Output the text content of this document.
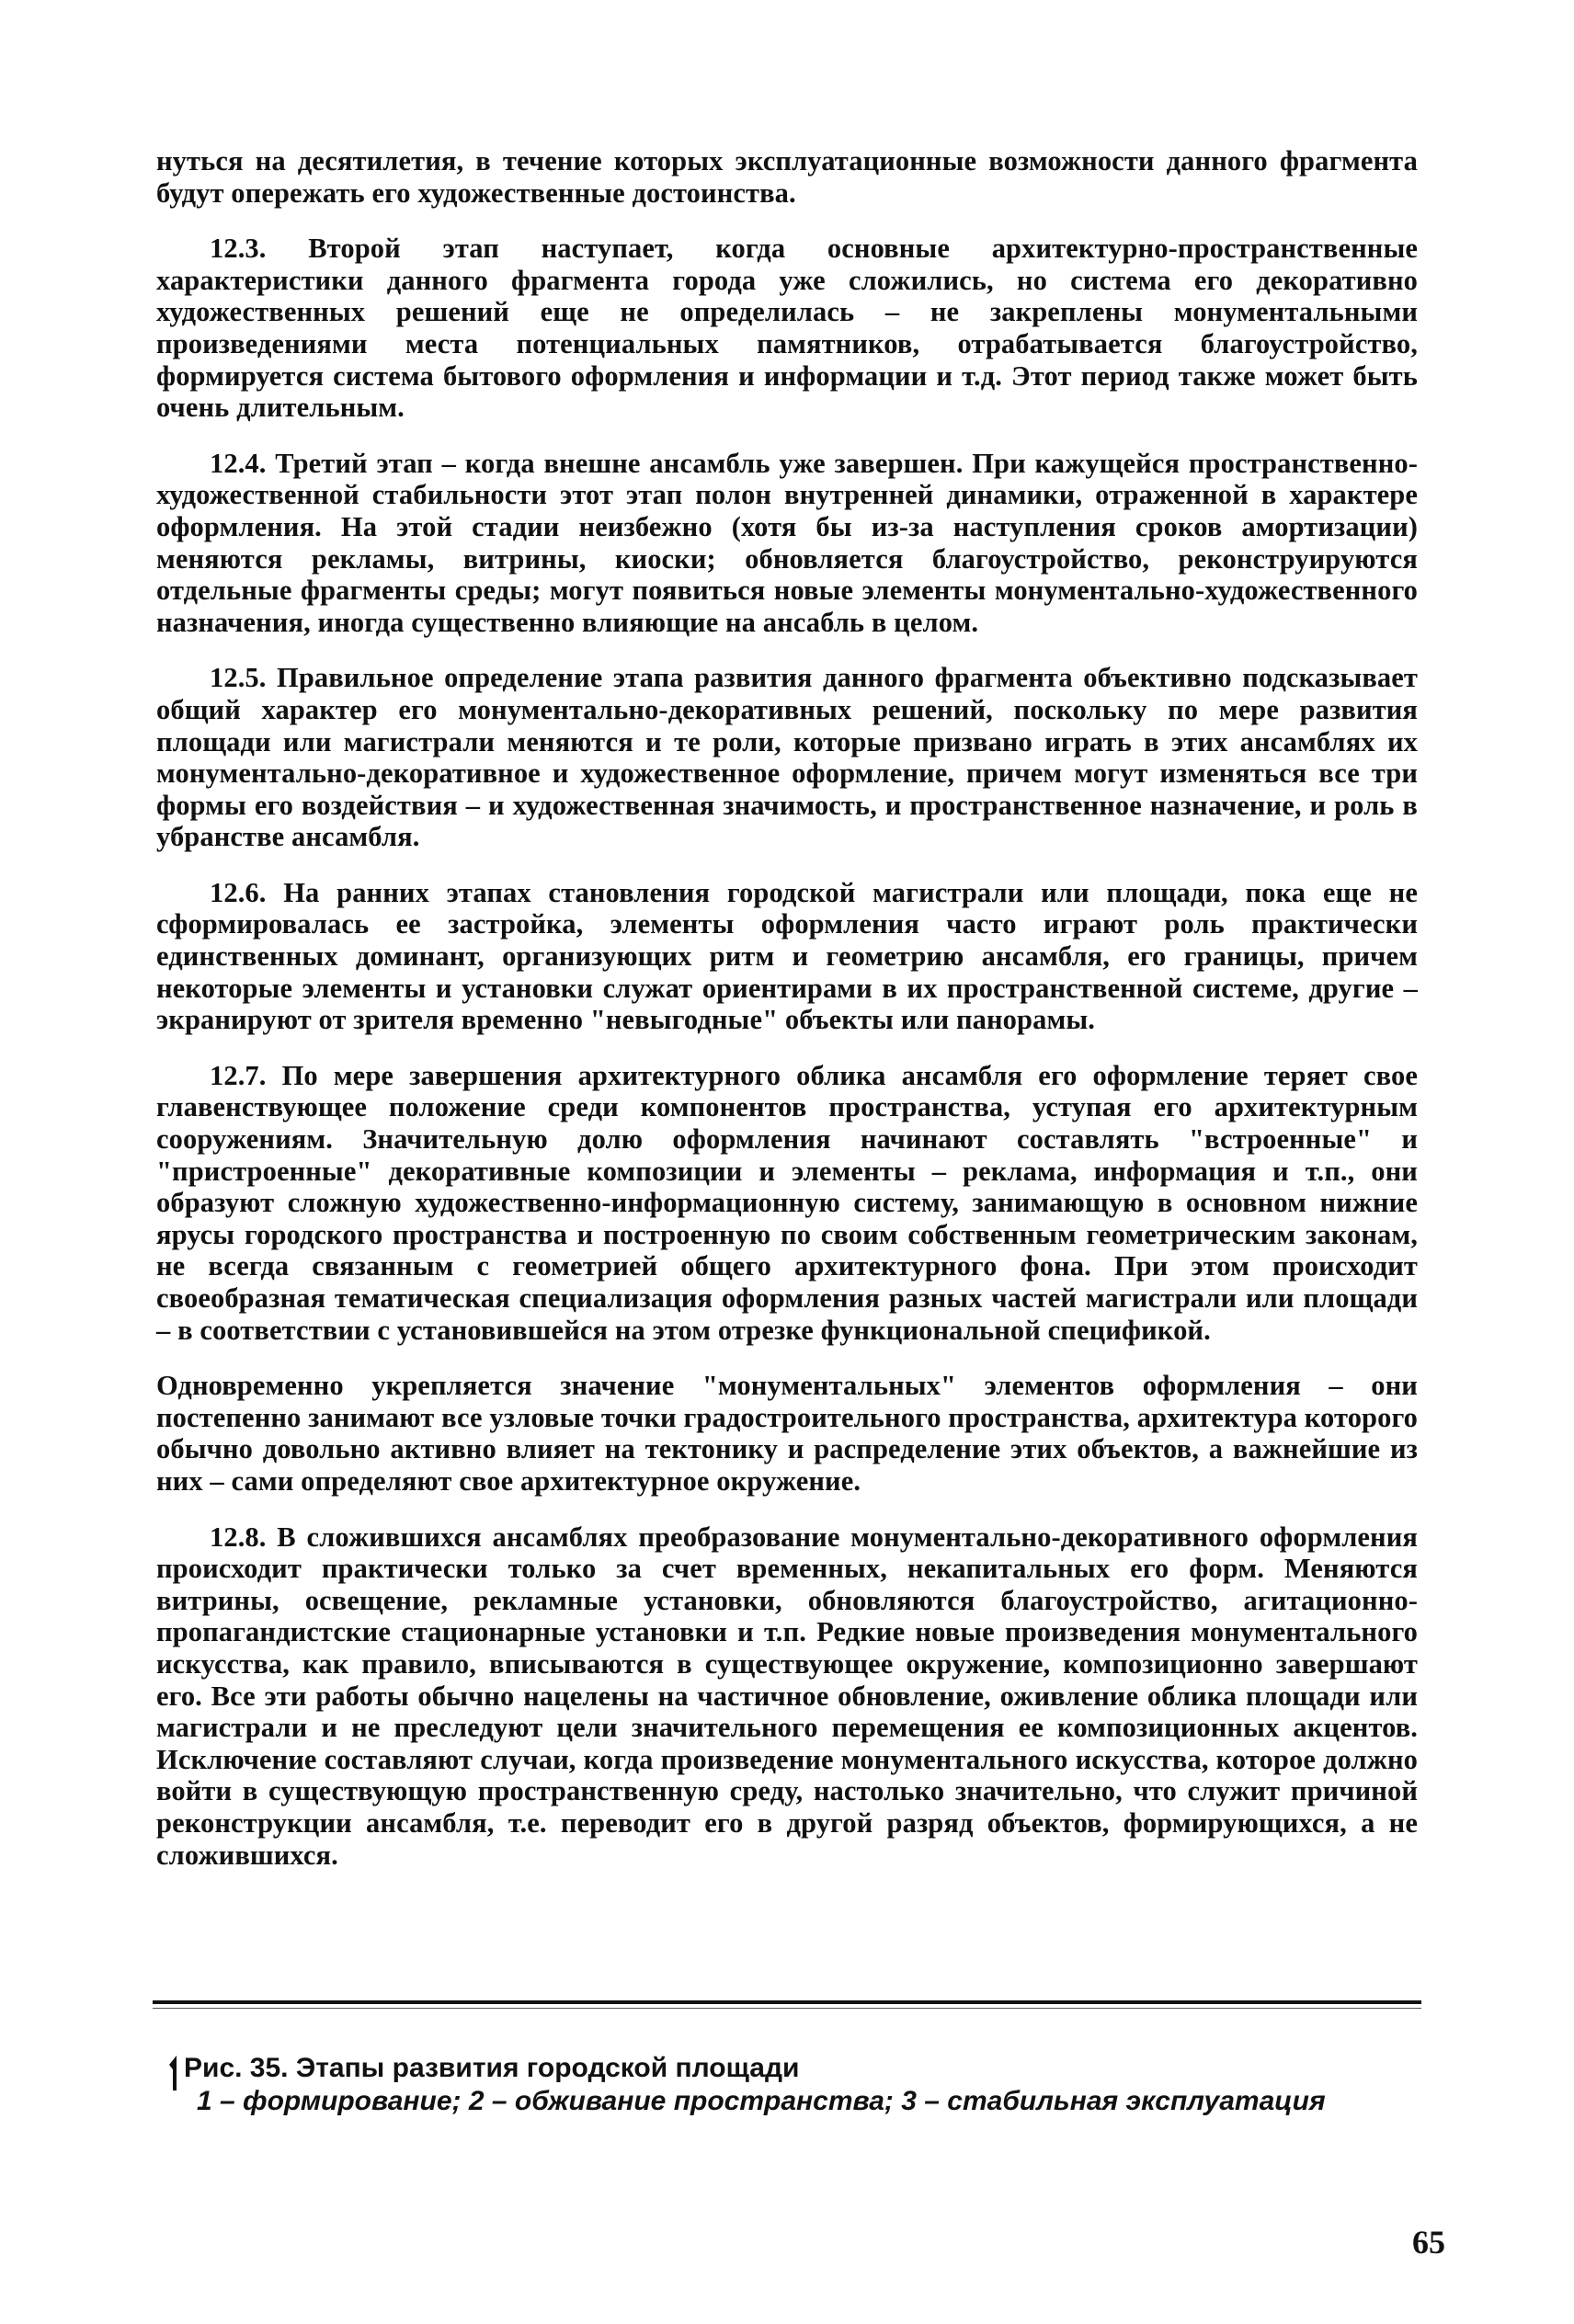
нуться на десятилетия, в течение которых эксплуатационные возможности данного фрагмента будут опережать его художественные достоинства.

12.3. Второй этап наступает, когда основные архитектурно-пространственные характеристики данного фрагмента города уже сложились, но система его декоративно художественных решений еще не определилась – не закреплены монументальными произведениями места потенциальных памятников, отрабатывается благоустройство, формируется система бытового оформления и информации и т.д. Этот период также может быть очень длительным.

12.4. Третий этап – когда внешне ансамбль уже завершен. При кажущейся пространственно-художественной стабильности этот этап полон внутренней динамики, отраженной в характере оформления. На этой стадии неизбежно (хотя бы из-за наступления сроков амортизации) меняются рекламы, витрины, киоски; обновляется благоустройство, реконструируются отдельные фрагменты среды; могут появиться новые элементы монументально-художественного назначения, иногда существенно влияющие на ансабль в целом.

12.5. Правильное определение этапа развития данного фрагмента объективно подсказывает общий характер его монументально-декоративных решений, поскольку по мере развития площади или магистрали меняются и те роли, которые призвано играть в этих ансамблях их монументально-декоративное и художественное оформление, причем могут изменяться все три формы его воздействия – и художественная значимость, и пространственное назначение, и роль в убранстве ансамбля.

12.6. На ранних этапах становления городской магистрали или площади, пока еще не сформировалась ее застройка, элементы оформления часто играют роль практически единственных доминант, организующих ритм и геометрию ансамбля, его границы, причем некоторые элементы и установки служат ориентирами в их пространственной системе, другие – экранируют от зрителя временно "невыгодные" объекты или панорамы.

12.7. По мере завершения архитектурного облика ансамбля его оформление теряет свое главенствующее положение среди компонентов пространства, уступая его архитектурным сооружениям. Значительную долю оформления начинают составлять "встроенные" и "пристроенные" декоративные композиции и элементы – реклама, информация и т.п., они образуют сложную художественно-информационную систему, занимающую в основном нижние ярусы городского пространства и построенную по своим собственным геометрическим законам, не всегда связанным с геометрией общего архитектурного фона. При этом происходит своеобразная тематическая специализация оформления разных частей магистрали или площади – в соответствии с установившейся на этом отрезке функциональной спецификой.

Одновременно укрепляется значение "монументальных" элементов оформления – они постепенно занимают все узловые точки градостроительного пространства, архитектура которого обычно довольно активно влияет на тектонику и распределение этих объектов, а важнейшие из них – сами определяют свое архитектурное окружение.

12.8. В сложившихся ансамблях преобразование монументально-декоративного оформления происходит практически только за счет временных, некапитальных его форм. Меняются витрины, освещение, рекламные установки, обновляются благоустройство, агитационно-пропагандистские стационарные установки и т.п. Редкие новые произведения монументального искусства, как правило, вписываются в существующее окружение, композиционно завершают его. Все эти работы обычно нацелены на частичное обновление, оживление облика площади или магистрали и не преследуют цели значительного перемещения ее композиционных акцентов. Исключение составляют случаи, когда произведение монументального искусства, которое должно войти в существующую пространственную среду, настолько значительно, что служит причиной реконструкции ансамбля, т.е. переводит его в другой разряд объектов, формирующихся, а не сложившихся.

Рис. 35. Этапы развития городской площади

1 – формирование; 2 – обживание пространства; 3 – стабильная эксплуатация

65
